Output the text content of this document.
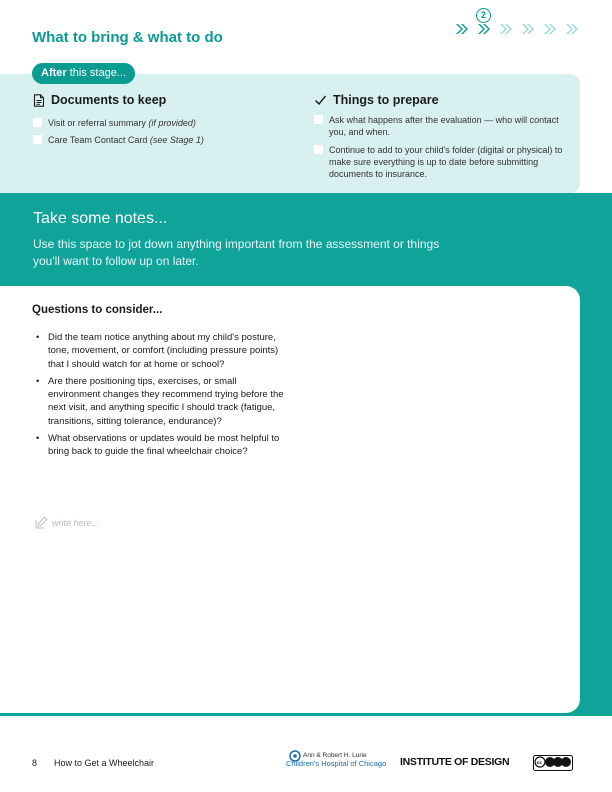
What to bring & what to do
2
After this stage...
Documents to keep
Visit or referral summary (if provided)
Care Team Contact Card (see Stage 1)
Things to prepare
Ask what happens after the evaluation — who will contact you, and when.
Continue to add to your child's folder (digital or physical) to make sure everything is up to date before submitting documents to insurance.
Take some notes...
Use this space to jot down anything important from the assessment or things you'll want to follow up on later.
Questions to consider...
• Did the team notice anything about my child's posture, tone, movement, or comfort (including pressure points) that I should watch for at home or school?
• Are there positioning tips, exercises, or small environment changes they recommend trying before the next visit, and anything specific I should track (fatigue, transitions, sitting tolerance, endurance)?
• What observations or updates would be most helpful to bring back to guide the final wheelchair choice?
write here...
8 How to Get a Wheelchair
Ann & Robert H. Lurie
Children's Hospital of Chicago INSTITUTE OF DESIGN	cc
